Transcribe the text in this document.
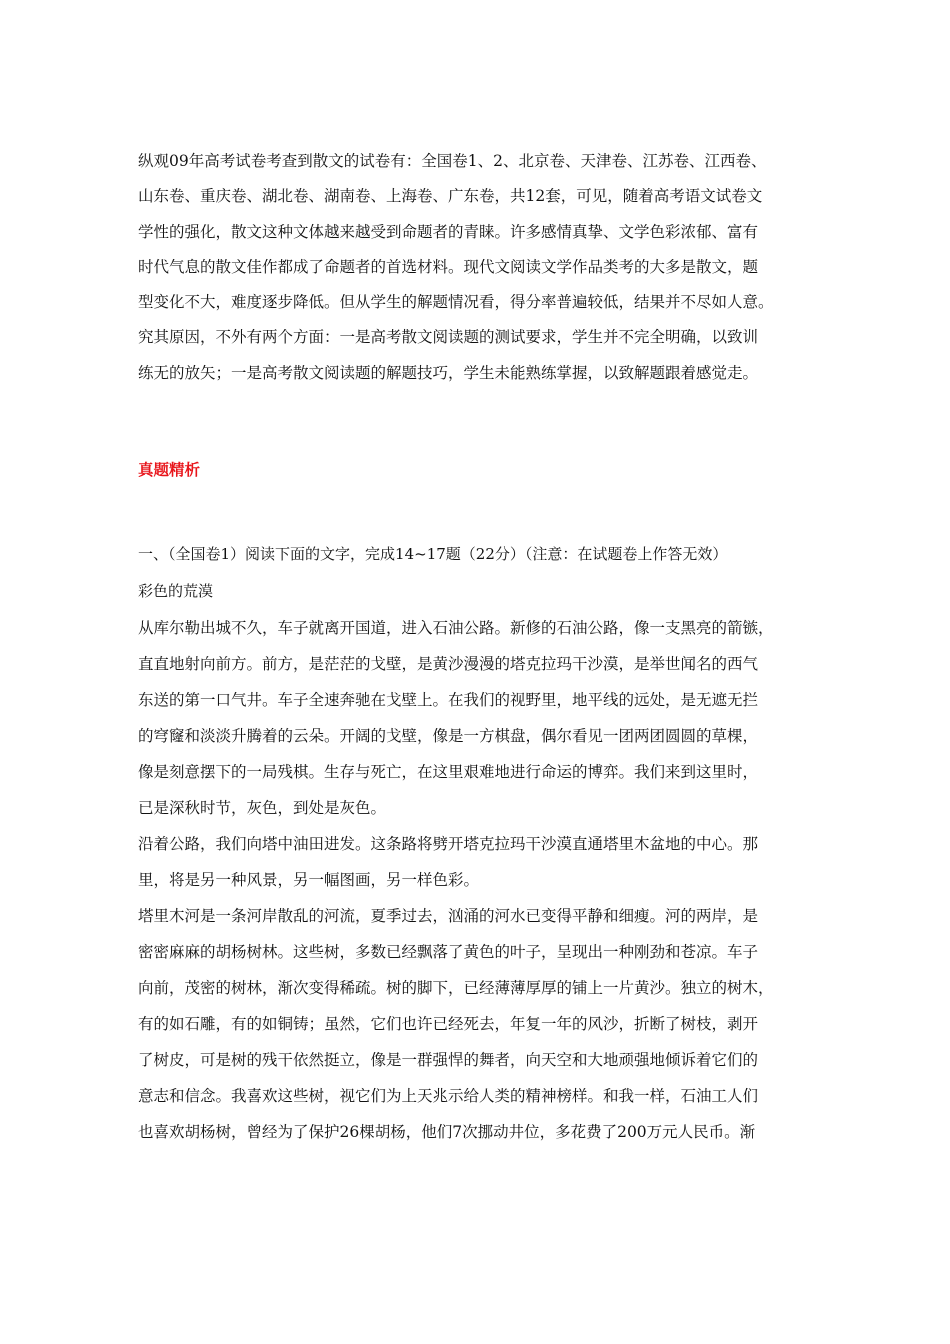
纵观09年高考试卷考查到散文的试卷有：全国卷1、2、北京卷、天津卷、江苏卷、江西卷、
山东卷、重庆卷、湖北卷、湖南卷、上海卷、广东卷，共12套，可见，随着高考语文试卷文
学性的强化，散文这种文体越来越受到命题者的青睐。许多感情真挚、文学色彩浓郁、富有
时代气息的散文佳作都成了命题者的首选材料。现代文阅读文学作品类考的大多是散文，题
型变化不大，难度逐步降低。但从学生的解题情况看，得分率普遍较低，结果并不尽如人意。
究其原因，不外有两个方面：一是高考散文阅读题的测试要求，学生并不完全明确，以致训
练无的放矢；一是高考散文阅读题的解题技巧，学生未能熟练掌握，以致解题跟着感觉走。
真题精析
一、（全国卷1）阅读下面的文字，完成14~17题（22分）（注意：在试题卷上作答无效）
彩色的荒漠
从库尔勒出城不久，车子就离开国道，进入石油公路。新修的石油公路，像一支黑亮的箭镞，
直直地射向前方。前方，是茫茫的戈壁，是黄沙漫漫的塔克拉玛干沙漠，是举世闻名的西气
东送的第一口气井。车子全速奔驰在戈壁上。在我们的视野里，地平线的远处，是无遮无拦
的穹窿和淡淡升腾着的云朵。开阔的戈壁，像是一方棋盘，偶尔看见一团两团圆圆的草棵，
像是刻意摆下的一局残棋。生存与死亡，在这里艰难地进行命运的博弈。我们来到这里时，
已是深秋时节，灰色，到处是灰色。
沿着公路，我们向塔中油田进发。这条路将劈开塔克拉玛干沙漠直通塔里木盆地的中心。那
里，将是另一种风景，另一幅图画，另一样色彩。
塔里木河是一条河岸散乱的河流，夏季过去，汹涌的河水已变得平静和细瘦。河的两岸，是
密密麻麻的胡杨树林。这些树，多数已经飘落了黄色的叶子，呈现出一种刚劲和苍凉。车子
向前，茂密的树林，渐次变得稀疏。树的脚下，已经薄薄厚厚的铺上一片黄沙。独立的树木，
有的如石雕，有的如铜铸；虽然，它们也许已经死去，年复一年的风沙，折断了树枝，剥开
了树皮，可是树的残干依然挺立，像是一群强悍的舞者，向天空和大地顽强地倾诉着它们的
意志和信念。我喜欢这些树，视它们为上天兆示给人类的精神榜样。和我一样，石油工人们
也喜欢胡杨树，曾经为了保护26棵胡杨，他们7次挪动井位，多花费了200万元人民币。渐
